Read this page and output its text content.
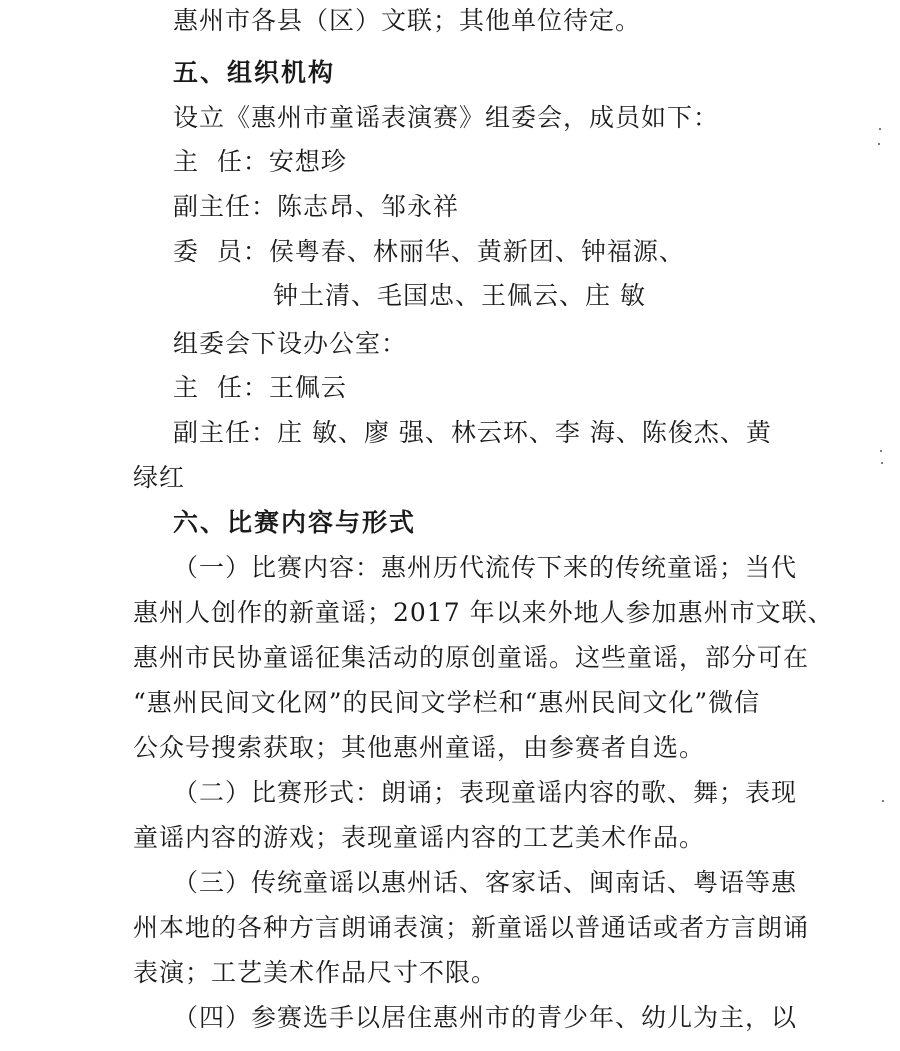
惠州市各县（区）文联；其他单位待定。
五、组织机构
设立《惠州市童谣表演赛》组委会，成员如下：
主  任：安想珍
副主任：陈志昂、邹永祥
委  员：侯粤春、林丽华、黄新团、钟福源、
钟土清、毛国忠、王佩云、庄 敏
组委会下设办公室：
主  任：王佩云
副主任：庄 敏、廖 强、林云环、李 海、陈俊杰、黄
绿红
六、比赛内容与形式
（一）比赛内容：惠州历代流传下来的传统童谣；当代
惠州人创作的新童谣；2017 年以来外地人参加惠州市文联、
惠州市民协童谣征集活动的原创童谣。这些童谣，部分可在
“惠州民间文化网”的民间文学栏和“惠州民间文化”微信
公众号搜索获取；其他惠州童谣，由参赛者自选。
（二）比赛形式：朗诵；表现童谣内容的歌、舞；表现
童谣内容的游戏；表现童谣内容的工艺美术作品。
（三）传统童谣以惠州话、客家话、闽南话、粤语等惠
州本地的各种方言朗诵表演；新童谣以普通话或者方言朗诵
表演；工艺美术作品尺寸不限。
（四）参赛选手以居住惠州市的青少年、幼儿为主，以
